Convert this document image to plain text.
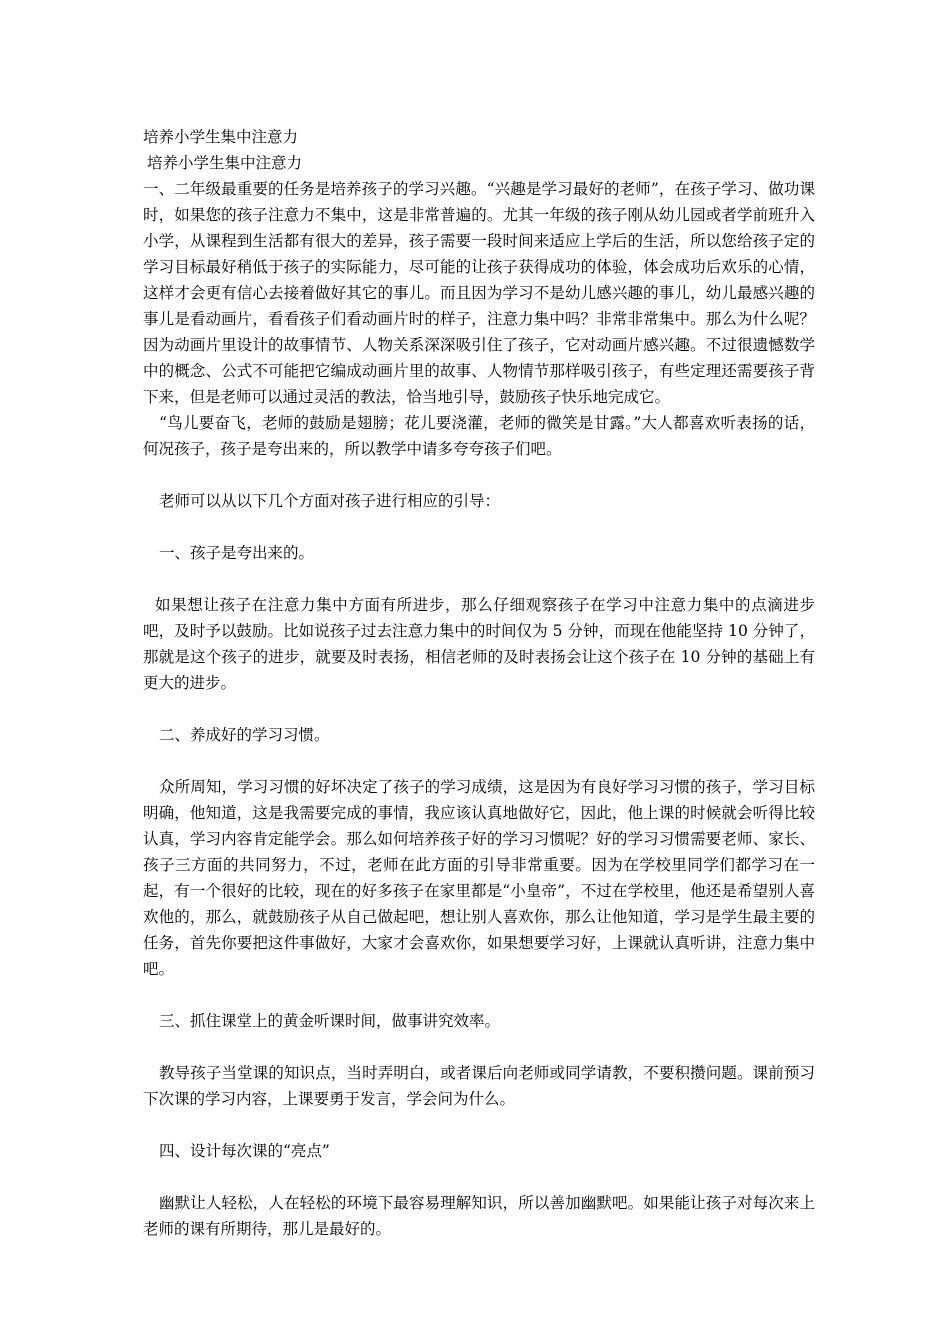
培养小学生集中注意力

培养小学生集中注意力

一、二年级最重要的任务是培养孩子的学习兴趣。“兴趣是学习最好的老师”，在孩子学习、做功课时，如果您的孩子注意力不集中，这是非常普遍的。尤其一年级的孩子刚从幼儿园或者学前班升入小学，从课程到生活都有很大的差异，孩子需要一段时间来适应上学后的生活，所以您给孩子定的学习目标最好稍低于孩子的实际能力，尽可能的让孩子获得成功的体验，体会成功后欢乐的心情，这样才会更有信心去接着做好其它的事儿。而且因为学习不是幼儿感兴趣的事儿，幼儿最感兴趣的事儿是看动画片，看看孩子们看动画片时的样子，注意力集中吗？非常非常集中。那么为什么呢？因为动画片里设计的故事情节、人物关系深深吸引住了孩子，它对动画片感兴趣。不过很遗憾数学中的概念、公式不可能把它编成动画片里的故事、人物情节那样吸引孩子，有些定理还需要孩子背下来，但是老师可以通过灵活的教法，恰当地引导，鼓励孩子快乐地完成它。

“鸟儿要奋飞，老师的鼓励是翅膀；花儿要浇灌，老师的微笑是甘露。”大人都喜欢听表扬的话，何况孩子，孩子是夸出来的，所以教学中请多夸夸孩子们吧。

老师可以从以下几个方面对孩子进行相应的引导：

一、孩子是夸出来的。

如果想让孩子在注意力集中方面有所进步，那么仔细观察孩子在学习中注意力集中的点滴进步吧，及时予以鼓励。比如说孩子过去注意力集中的时间仅为 5 分钟，而现在他能坚持 10 分钟了，那就是这个孩子的进步，就要及时表扬，相信老师的及时表扬会让这个孩子在 10 分钟的基础上有更大的进步。

二、养成好的学习习惯。

众所周知，学习习惯的好坏决定了孩子的学习成绩，这是因为有良好学习习惯的孩子，学习目标明确，他知道，这是我需要完成的事情，我应该认真地做好它，因此，他上课的时候就会听得比较认真，学习内容肯定能学会。那么如何培养孩子好的学习习惯呢？好的学习习惯需要老师、家长、孩子三方面的共同努力，不过，老师在此方面的引导非常重要。因为在学校里同学们都学习在一起，有一个很好的比较，现在的好多孩子在家里都是“小皇帝”，不过在学校里，他还是希望别人喜欢他的，那么，就鼓励孩子从自己做起吧，想让别人喜欢你，那么让他知道，学习是学生最主要的任务，首先你要把这件事做好，大家才会喜欢你，如果想要学习好，上课就认真听讲，注意力集中吧。

三、抓住课堂上的黄金听课时间，做事讲究效率。

教导孩子当堂课的知识点，当时弄明白，或者课后向老师或同学请教，不要积攒问题。课前预习下次课的学习内容，上课要勇于发言，学会问为什么。

四、设计每次课的“亮点”

幽默让人轻松，人在轻松的环境下最容易理解知识，所以善加幽默吧。如果能让孩子对每次来上老师的课有所期待，那儿是最好的。
